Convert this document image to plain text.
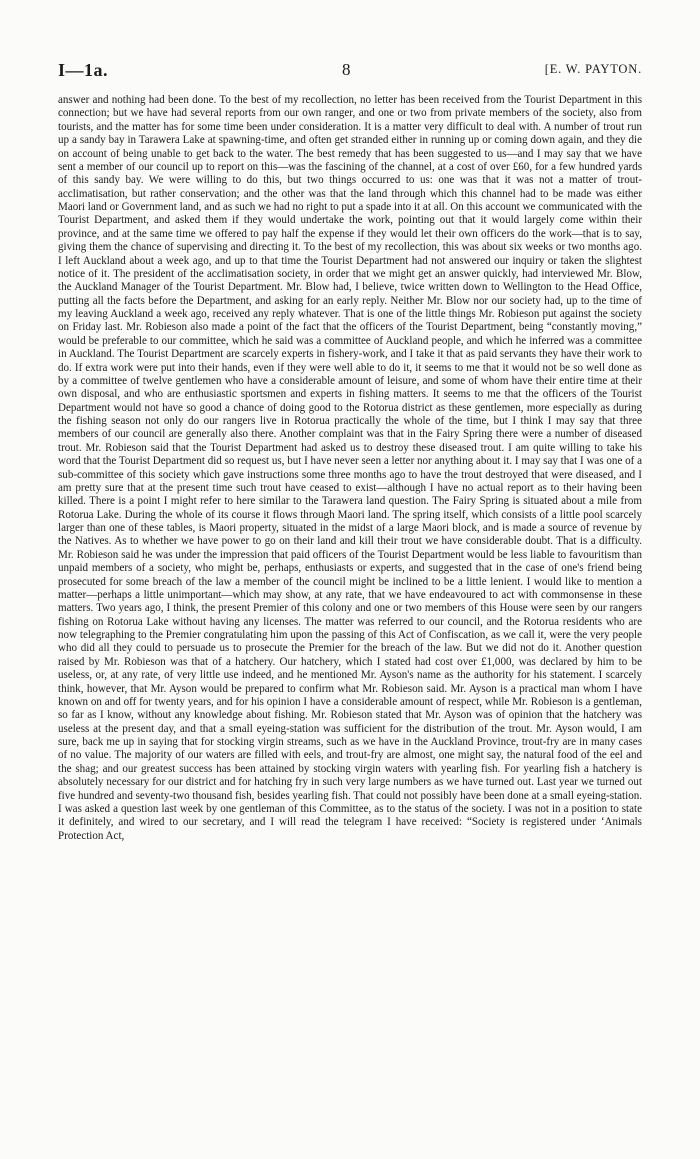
I—1a.	8	[E. W. PAYTON.

answer and nothing had been done. To the best of my recollection, no letter has been received from the Tourist Department in this connection; but we have had several reports from our own ranger, and one or two from private members of the society, also from tourists, and the matter has for some time been under consideration. It is a matter very difficult to deal with. A number of trout run up a sandy bay in Tarawera Lake at spawning-time, and often get stranded either in running up or coming down again, and they die on account of being unable to get back to the water. The best remedy that has been suggested to us—and I may say that we have sent a member of our council up to report on this—was the fascining of the channel, at a cost of over £60, for a few hundred yards of this sandy bay. We were willing to do this, but two things occurred to us: one was that it was not a matter of trout-acclimatisation, but rather conservation; and the other was that the land through which this channel had to be made was either Maori land or Government land, and as such we had no right to put a spade into it at all. On this account we communicated with the Tourist Department, and asked them if they would undertake the work, pointing out that it would largely come within their province, and at the same time we offered to pay half the expense if they would let their own officers do the work—that is to say, giving them the chance of supervising and directing it. To the best of my recollection, this was about six weeks or two months ago. I left Auckland about a week ago, and up to that time the Tourist Department had not answered our inquiry or taken the slightest notice of it. The president of the acclimatisation society, in order that we might get an answer quickly, had interviewed Mr. Blow, the Auckland Manager of the Tourist Department. Mr. Blow had, I believe, twice written down to Wellington to the Head Office, putting all the facts before the Department, and asking for an early reply. Neither Mr. Blow nor our society had, up to the time of my leaving Auckland a week ago, received any reply whatever. That is one of the little things Mr. Robieson put against the society on Friday last. Mr. Robieson also made a point of the fact that the officers of the Tourist Department, being “constantly moving,” would be preferable to our committee, which he said was a committee of Auckland people, and which he inferred was a committee in Auckland. The Tourist Department are scarcely experts in fishery-work, and I take it that as paid servants they have their work to do. If extra work were put into their hands, even if they were well able to do it, it seems to me that it would not be so well done as by a committee of twelve gentlemen who have a considerable amount of leisure, and some of whom have their entire time at their own disposal, and who are enthusiastic sportsmen and experts in fishing matters. It seems to me that the officers of the Tourist Department would not have so good a chance of doing good to the Rotorua district as these gentlemen, more especially as during the fishing season not only do our rangers live in Rotorua practically the whole of the time, but I think I may say that three members of our council are generally also there. Another complaint was that in the Fairy Spring there were a number of diseased trout. Mr. Robieson said that the Tourist Department had asked us to destroy these diseased trout. I am quite willing to take his word that the Tourist Department did so request us, but I have never seen a letter nor anything about it. I may say that I was one of a sub-committee of this society which gave instructions some three months ago to have the trout destroyed that were diseased, and I am pretty sure that at the present time such trout have ceased to exist—although I have no actual report as to their having been killed. There is a point I might refer to here similar to the Tarawera land question. The Fairy Spring is situated about a mile from Rotorua Lake. During the whole of its course it flows through Maori land. The spring itself, which consists of a little pool scarcely larger than one of these tables, is Maori property, situated in the midst of a large Maori block, and is made a source of revenue by the Natives. As to whether we have power to go on their land and kill their trout we have considerable doubt. That is a difficulty. Mr. Robieson said he was under the impression that paid officers of the Tourist Department would be less liable to favouritism than unpaid members of a society, who might be, perhaps, enthusiasts or experts, and suggested that in the case of one's friend being prosecuted for some breach of the law a member of the council might be inclined to be a little lenient. I would like to mention a matter—perhaps a little unimportant—which may show, at any rate, that we have endeavoured to act with commonsense in these matters. Two years ago, I think, the present Premier of this colony and one or two members of this House were seen by our rangers fishing on Rotorua Lake without having any licenses. The matter was referred to our council, and the Rotorua residents who are now telegraphing to the Premier congratulating him upon the passing of this Act of Confiscation, as we call it, were the very people who did all they could to persuade us to prosecute the Premier for the breach of the law. But we did not do it. Another question raised by Mr. Robieson was that of a hatchery. Our hatchery, which I stated had cost over £1,000, was declared by him to be useless, or, at any rate, of very little use indeed, and he mentioned Mr. Ayson's name as the authority for his statement. I scarcely think, however, that Mr. Ayson would be prepared to confirm what Mr. Robieson said. Mr. Ayson is a practical man whom I have known on and off for twenty years, and for his opinion I have a considerable amount of respect, while Mr. Robieson is a gentleman, so far as I know, without any knowledge about fishing. Mr. Robieson stated that Mr. Ayson was of opinion that the hatchery was useless at the present day, and that a small eyeing-station was sufficient for the distribution of the trout. Mr. Ayson would, I am sure, back me up in saying that for stocking virgin streams, such as we have in the Auckland Province, trout-fry are in many cases of no value. The majority of our waters are filled with eels, and trout-fry are almost, one might say, the natural food of the eel and the shag; and our greatest success has been attained by stocking virgin waters with yearling fish. For yearling fish a hatchery is absolutely necessary for our district and for hatching fry in such very large numbers as we have turned out. Last year we turned out five hundred and seventy-two thousand fish, besides yearling fish. That could not possibly have been done at a small eyeing-station. I was asked a question last week by one gentleman of this Committee, as to the status of the society. I was not in a position to state it definitely, and wired to our secretary, and I will read the telegram I have received: “Society is registered under ‘Animals Protection Act,
